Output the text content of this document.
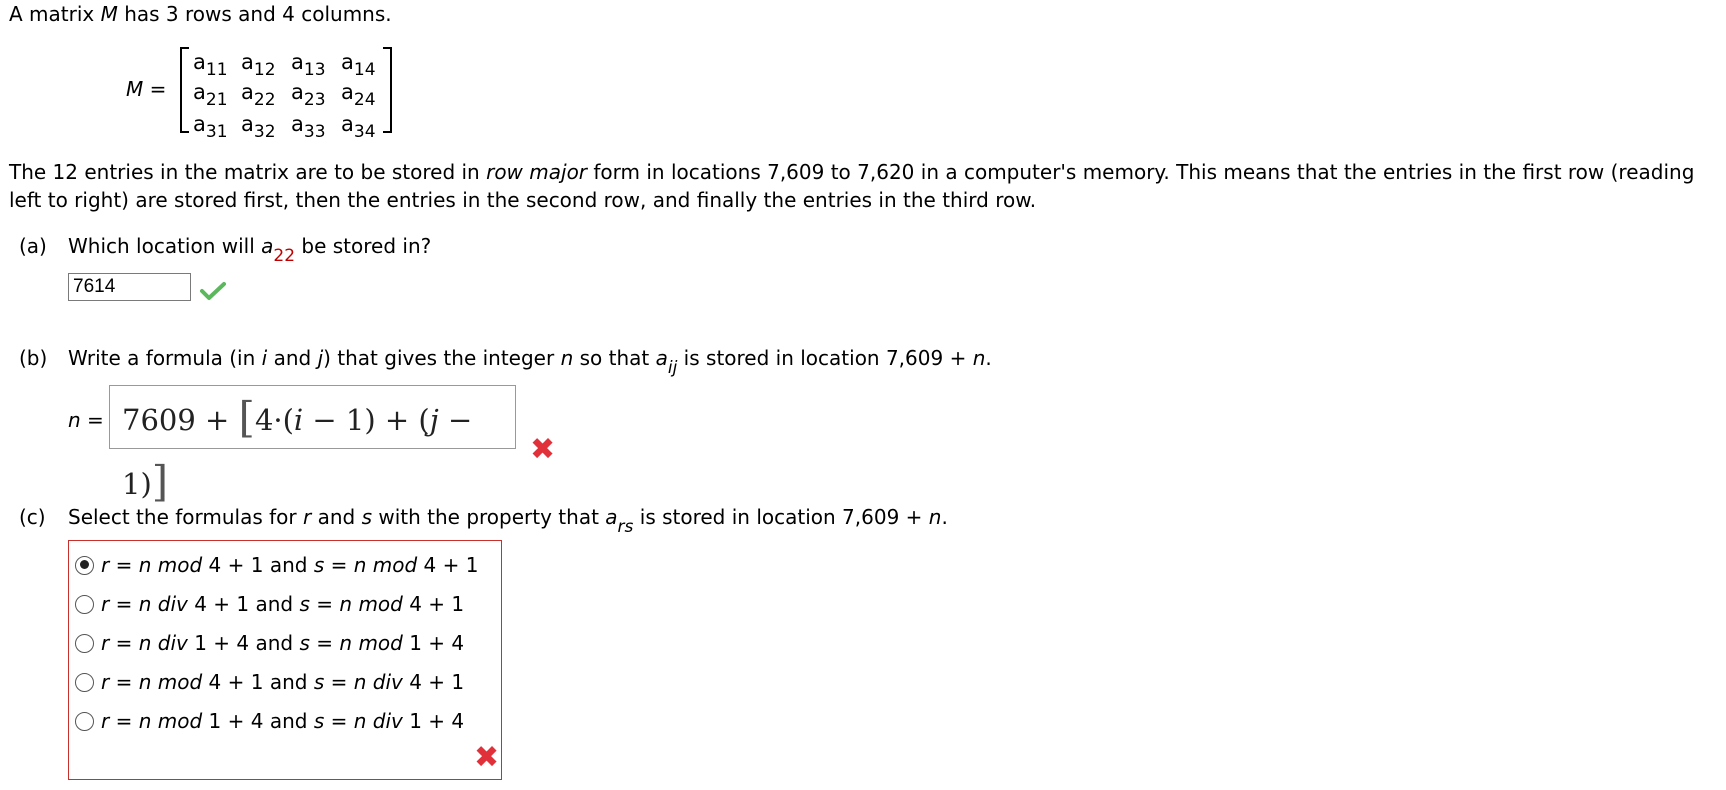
A matrix M has 3 rows and 4 columns.
M =
$a_{11}$ $a_{12}$ $a_{13}$ $a_{14}$
$a_{21}$ $a_{22}$ $a_{23}$ $a_{24}$
$a_{31}$ $a_{32}$ $a_{33}$ $a_{34}$
The 12 entries in the matrix are to be stored in row major form in locations 7,609 to 7,620 in a computer's memory. This means that the entries in the first row (reading left to right) are stored first, then the entries in the second row, and finally the entries in the third row.
(a) Which location will $a_{22}$ be stored in?
7614
(b) Write a formula (in i and j) that gives the integer n so that $a_{ij}$ is stored in location 7,609 + n.
n = 7609 + [4·(𝑖 − 1) + (𝑗 − 1)]
✖
(c) Select the formulas for r and s with the property that $a_{rs}$ is stored in location 7,609 + n.
r = n mod 4 + 1 and s = n mod 4 + 1
r = n div 4 + 1 and s = n mod 4 + 1
r = n div 1 + 4 and s = n mod 1 + 4
r = n mod 4 + 1 and s = n div 4 + 1
r = n mod 1 + 4 and s = n div 1 + 4
✖
